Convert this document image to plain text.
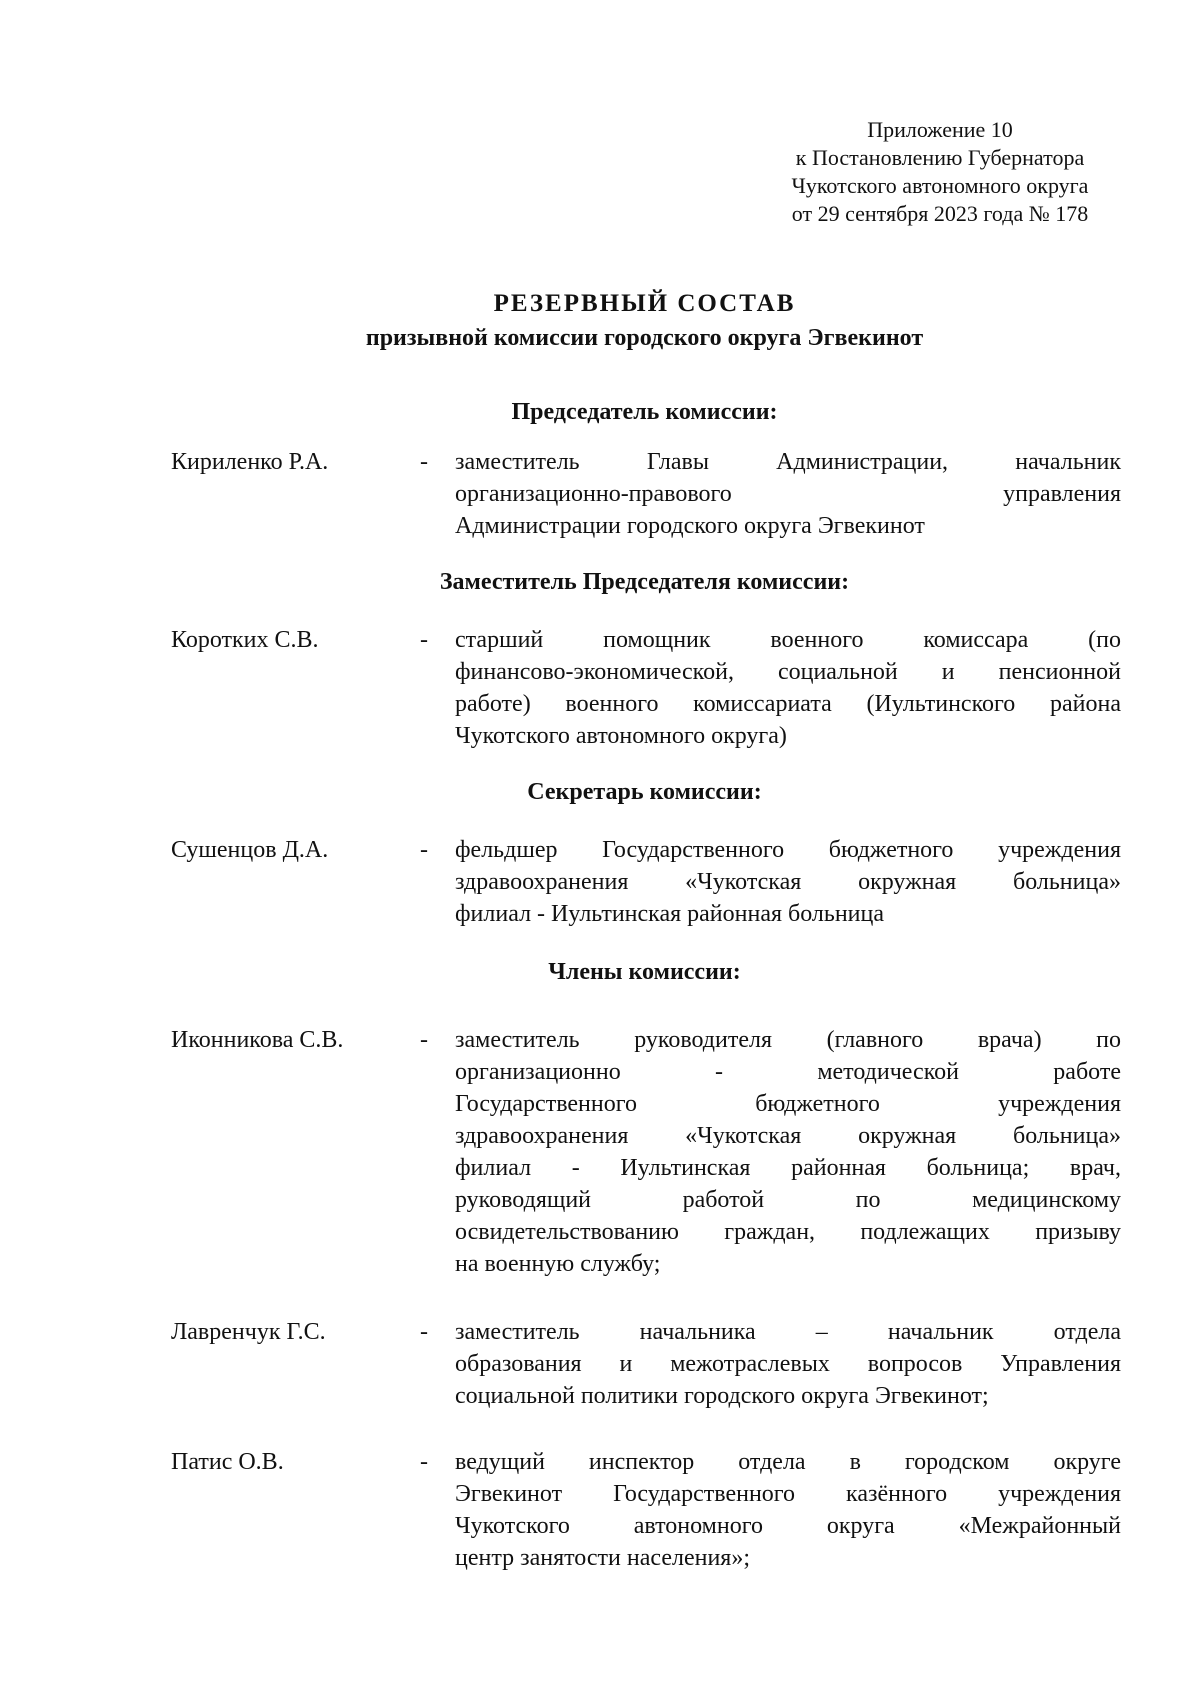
Приложение 10
к Постановлению Губернатора
Чукотского автономного округа
от 29 сентября 2023 года № 178
РЕЗЕРВНЫЙ СОСТАВ
призывной комиссии городского округа Эгвекинот
Председатель комиссии:
Кириленко Р.А.	- заместитель Главы Администрации, начальник
организационно-правового управления
Администрации городского округа Эгвекинот
Заместитель Председателя комиссии:
Коротких С.В.	- старший помощник военного комиссара (по
финансово-экономической, социальной и пенсионной
работе) военного комиссариата (Иультинского района
Чукотского автономного округа)
Секретарь комиссии:
Сушенцов Д.А.	- фельдшер Государственного бюджетного учреждения
здравоохранения «Чукотская окружная больница»
филиал - Иультинская районная больница
Члены комиссии:
Иконникова С.В.	- заместитель руководителя (главного врача) по
организационно - методической работе
Государственного бюджетного учреждения
здравоохранения «Чукотская окружная больница»
филиал - Иультинская районная больница; врач,
руководящий работой по медицинскому
освидетельствованию граждан, подлежащих призыву
на военную службу;
Лавренчук Г.С.	- заместитель начальника – начальник отдела
образования и межотраслевых вопросов Управления
социальной политики городского округа Эгвекинот;
Патис О.В.	- ведущий инспектор отдела в городском округе
Эгвекинот Государственного казённого учреждения
Чукотского автономного округа «Межрайонный
центр занятости населения»;
